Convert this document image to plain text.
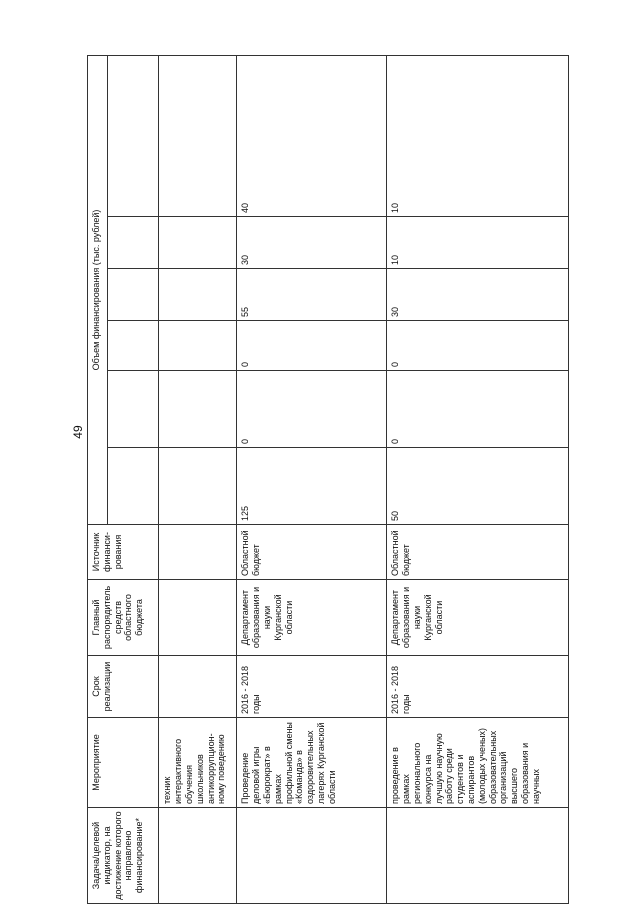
49
Задача/целевой индикатор, на достижение которого направлено финансирование*	Мероприятие	Срок реализации	Главный распорядитель средств областного бюджета	Источник финанси-рования	Объем финансирования (тыс. рублей)					

	техник интерактивного обучения школьников антикоррупцион-ному поведению									
	Проведение деловой игры «Бюрократ» в рамках профильной смены «Команда» в оздоровительных лагерях Курганской области	2016 - 2018 годы	Департамент образования и науки Курганской области	Областной бюджет	125	0	0	55	30	40
	проведение в рамках регионального конкурса на лучшую научную работу среди студентов и аспирантов (молодых ученых) образовательных организаций высшего образования и научных	2016 - 2018 годы	Департамент образования и науки Курганской области	Областной бюджет	50	0	0	30	10	10
